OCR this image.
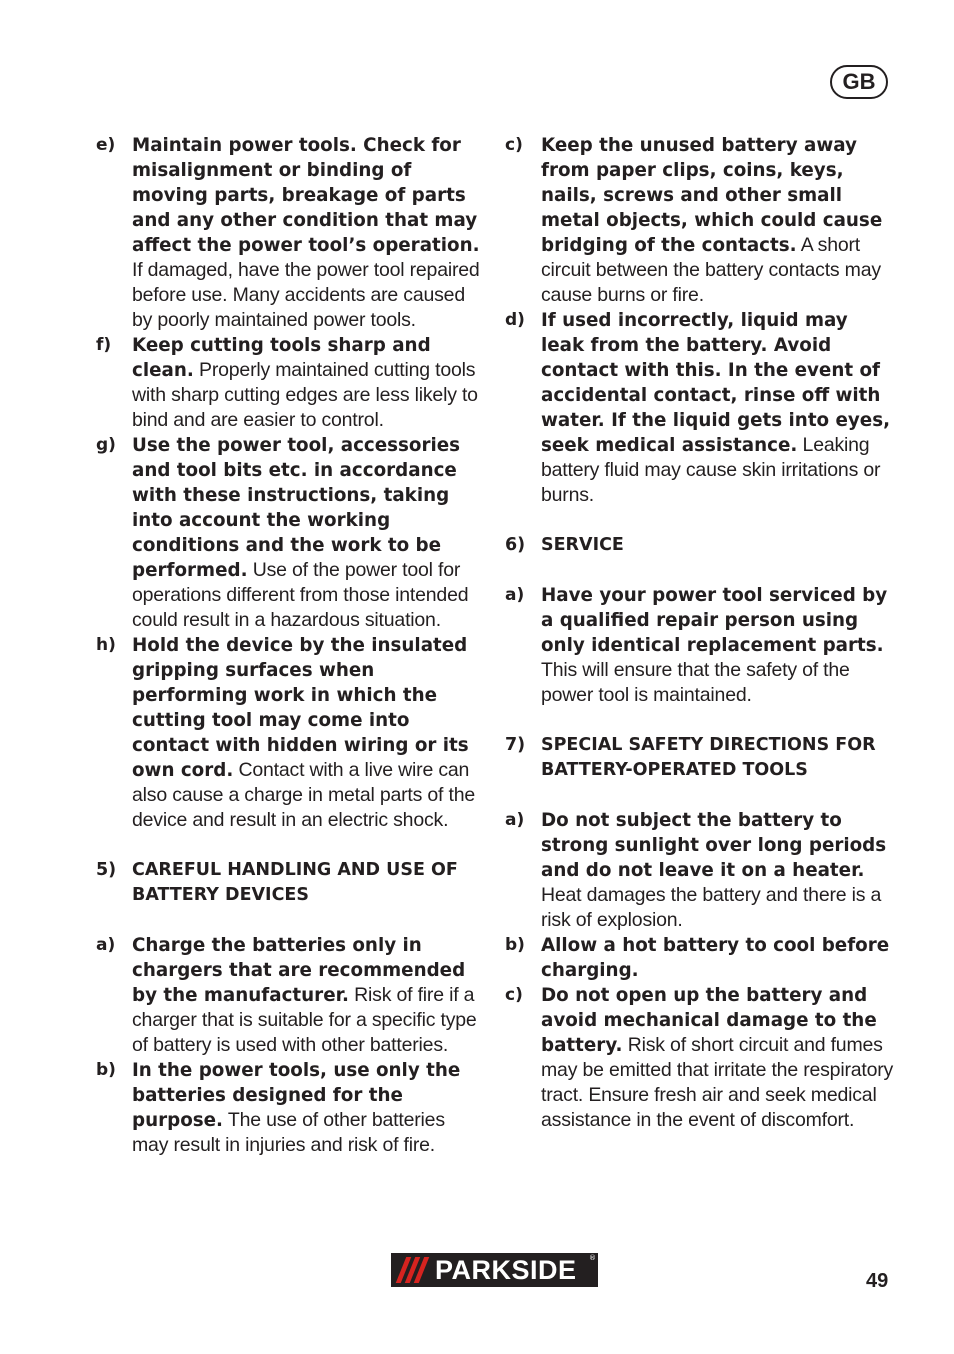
GB
e) Maintain power tools. Check for misalignment or binding of moving parts, breakage of parts and any other condition that may affect the power tool’s operation. If damaged, have the power tool repaired before use. Many accidents are caused by poorly maintained power tools.
f) Keep cutting tools sharp and clean. Properly maintained cutting tools with sharp cutting edges are less likely to bind and are easier to control.
g) Use the power tool, accessories and tool bits etc. in accordance with these instructions, taking into account the working conditions and the work to be performed. Use of the power tool for operations different from those intended could result in a hazardous situation.
h) Hold the device by the insulated gripping surfaces when performing work in which the cutting tool may come into contact with hidden wiring or its own cord. Contact with a live wire can also cause a charge in metal parts of the device and result in an electric shock.
5) CAREFUL HANDLING AND USE OF BATTERY DEVICES
a) Charge the batteries only in chargers that are recommended by the manufacturer. Risk of fire if a charger that is suitable for a specific type of battery is used with other batteries.
b) In the power tools, use only the batteries designed for the purpose. The use of other batteries may result in injuries and risk of fire.
c) Keep the unused battery away from paper clips, coins, keys, nails, screws and other small metal objects, which could cause bridging of the contacts. A short circuit between the battery contacts may cause burns or fire.
d) If used incorrectly, liquid may leak from the battery. Avoid contact with this. In the event of accidental contact, rinse off with water. If the liquid gets into eyes, seek medical assistance. Leaking battery fluid may cause skin irritations or burns.
6) SERVICE
a) Have your power tool serviced by a qualified repair person using only identical replacement parts. This will ensure that the safety of the power tool is maintained.
7) SPECIAL SAFETY DIRECTIONS FOR BATTERY-OPERATED TOOLS
a) Do not subject the battery to strong sunlight over long periods and do not leave it on a heater. Heat damages the battery and there is a risk of explosion.
b) Allow a hot battery to cool before charging.
c) Do not open up the battery and avoid mechanical damage to the battery. Risk of short circuit and fumes may be emitted that irritate the respiratory tract. Ensure fresh air and seek medical assistance in the event of discomfort.
PARKSIDE ®
49
